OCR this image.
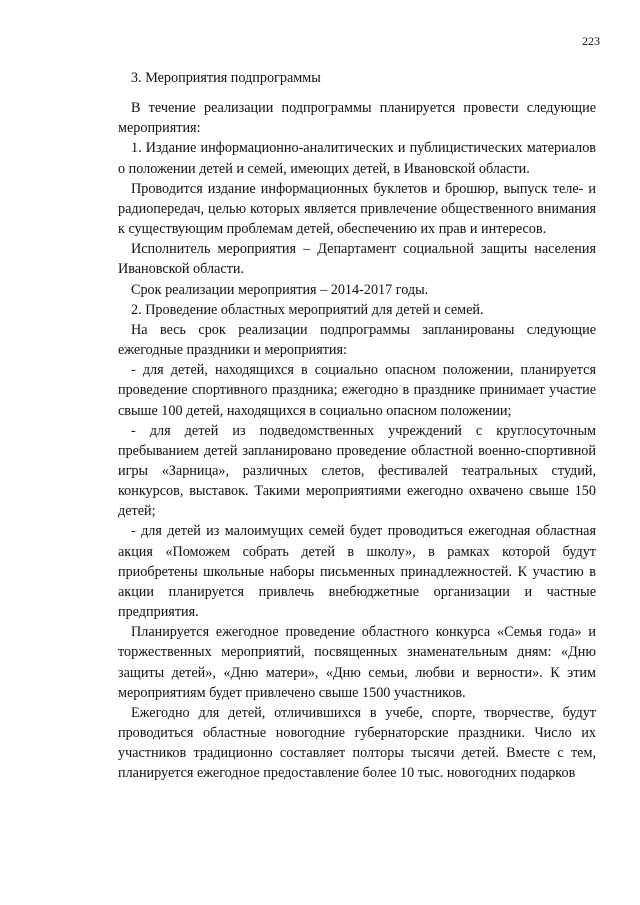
223

3. Мероприятия подпрограммы

В течение реализации подпрограммы планируется провести следующие мероприятия:

1. Издание информационно-аналитических и публицистических материалов о положении детей и семей, имеющих детей, в Ивановской области.

Проводится издание информационных буклетов и брошюр, выпуск теле- и радиопередач, целью которых является привлечение общественного внимания к существующим проблемам детей, обеспечению их прав и интересов.

Исполнитель мероприятия – Департамент социальной защиты населения Ивановской области.

Срок реализации мероприятия – 2014-2017 годы.

2. Проведение областных мероприятий для детей и семей.

На весь срок реализации подпрограммы запланированы следующие ежегодные праздники и мероприятия:

- для детей, находящихся в социально опасном положении, планируется проведение спортивного праздника; ежегодно в празднике принимает участие свыше 100 детей, находящихся в социально опасном положении;

- для детей из подведомственных учреждений с круглосуточным пребыванием детей запланировано проведение областной военно-спортивной игры «Зарница», различных слетов, фестивалей театральных студий, конкурсов, выставок. Такими мероприятиями ежегодно охвачено свыше 150 детей;

- для детей из малоимущих семей будет проводиться ежегодная областная акция «Поможем собрать детей в школу», в рамках которой будут приобретены школьные наборы письменных принадлежностей. К участию в акции планируется привлечь внебюджетные организации и частные предприятия.

Планируется ежегодное проведение областного конкурса «Семья года» и торжественных мероприятий, посвященных знаменательным дням: «Дню защиты детей», «Дню матери», «Дню семьи, любви и верности». К этим мероприятиям будет привлечено свыше 1500 участников.

Ежегодно для детей, отличившихся в учебе, спорте, творчестве, будут проводиться областные новогодние губернаторские праздники. Число их участников традиционно составляет полторы тысячи детей. Вместе с тем, планируется ежегодное предоставление более 10 тыс. новогодних подарков
